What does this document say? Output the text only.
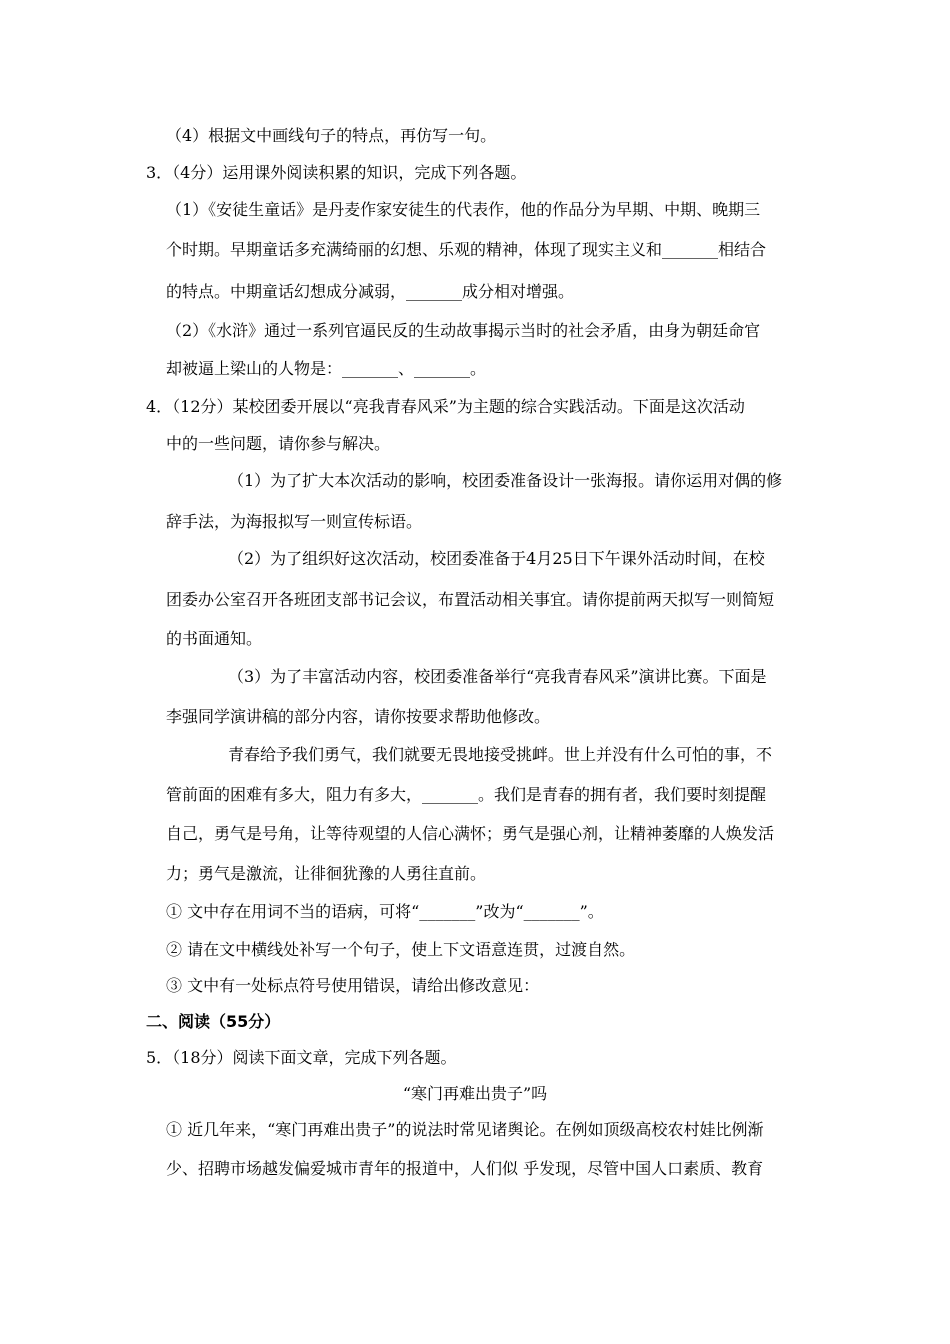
（4）根据文中画线句子的特点，再仿写一句。
3．（4分）运用课外阅读积累的知识，完成下列各题。
（1）《安徒生童话》是丹麦作家安徒生的代表作，他的作品分为早期、中期、晚期三
个时期。早期童话多充满绮丽的幻想、乐观的精神，体现了现实主义和_______相结合
的特点。中期童话幻想成分减弱，_______成分相对增强。
（2）《水浒》通过一系列官逼民反的生动故事揭示当时的社会矛盾，由身为朝廷命官
却被逼上梁山的人物是：_______、_______。
4．（12分）某校团委开展以“亮我青春风采”为主题的综合实践活动。下面是这次活动
中的一些问题，请你参与解决。
（1）为了扩大本次活动的影响，校团委准备设计一张海报。请你运用对偶的修
辞手法，为海报拟写一则宣传标语。
（2）为了组织好这次活动，校团委准备于4月25日下午课外活动时间，在校
团委办公室召开各班团支部书记会议，布置活动相关事宜。请你提前两天拟写一则简短
的书面通知。
（3）为了丰富活动内容，校团委准备举行“亮我青春风采”演讲比赛。下面是
李强同学演讲稿的部分内容，请你按要求帮助他修改。
青春给予我们勇气，我们就要无畏地接受挑衅。世上并没有什么可怕的事，不
管前面的困难有多大，阻力有多大，_______。我们是青春的拥有者，我们要时刻提醒
自己，勇气是号角，让等待观望的人信心满怀；勇气是强心剂，让精神萎靡的人焕发活
力；勇气是激流，让徘徊犹豫的人勇往直前。
① 文中存在用词不当的语病，可将“_______”改为“_______”。
② 请在文中横线处补写一个句子，使上下文语意连贯，过渡自然。
③ 文中有一处标点符号使用错误，请给出修改意见：
二、阅读（55分）
5．（18分）阅读下面文章，完成下列各题。
“寒门再难出贵子”吗
① 近几年来，“寒门再难出贵子”的说法时常见诸舆论。在例如顶级高校农村娃比例渐
少、招聘市场越发偏爱城市青年的报道中，人们似 乎发现，尽管中国人口素质、教育
